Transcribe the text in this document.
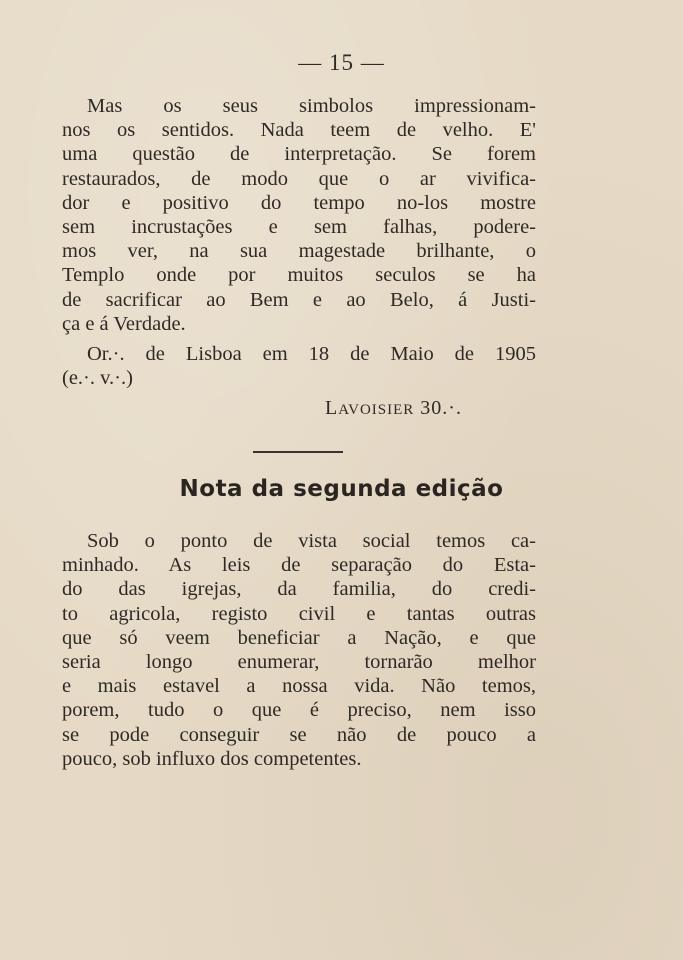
— 15 —
Mas os seus simbolos impressionam-
nos os sentidos. Nada teem de velho. E'
uma questão de interpretação. Se forem
restaurados, de modo que o ar vivifica-
dor e positivo do tempo no-los mostre
sem incrustações e sem falhas, podere-
mos ver, na sua magestade brilhante, o
Templo onde por muitos seculos se ha
de sacrificar ao Bem e ao Belo, á Justi-
ça e á Verdade.
Or.·. de Lisboa em 18 de Maio de 1905
(e.·. v.·.)
LAVOISIER 30.·.
Nota da segunda edição
Sob o ponto de vista social temos ca-
minhado. As leis de separação do Esta-
do das igrejas, da familia, do credi-
to agricola, registo civil e tantas outras
que só veem beneficiar a Nação, e que
seria longo enumerar, tornarão melhor
e mais estavel a nossa vida. Não temos,
porem, tudo o que é preciso, nem isso
se pode conseguir se não de pouco a
pouco, sob influxo dos competentes.
